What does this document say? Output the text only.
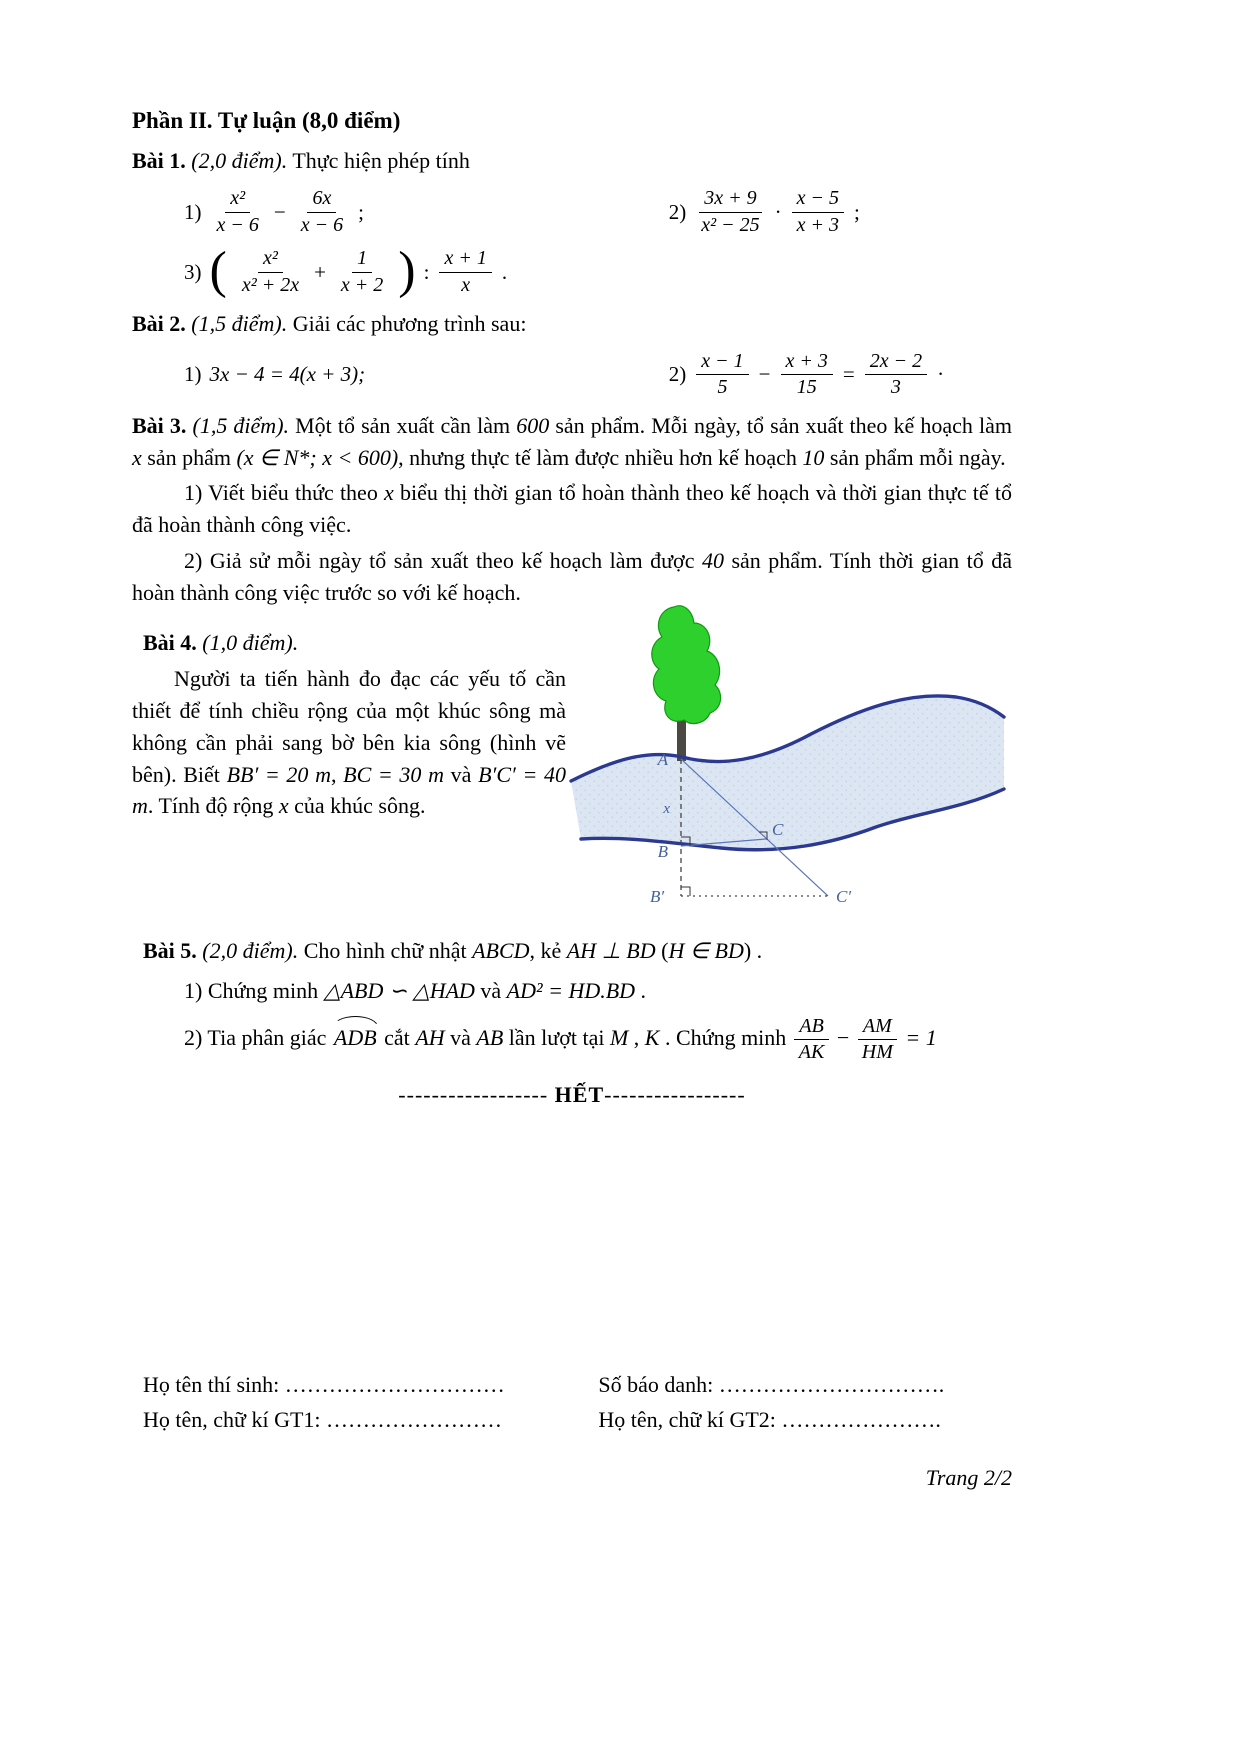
Phần II. Tự luận (8,0 điểm)

Bài 1. (2,0 điểm). Thực hiện phép tính

$1) \frac{\text{x²}}{x - 6} - \frac{6x}{x - 6}$ ;	$2) \frac{3x + 9}{\text{x² − 25}} \cdot \frac{x - 5}{x + 3}$ ;
3) ( $\frac{\text{x²}}{\text{x² + 2x}} + \frac{1}{x + 2}$ ) : $\frac{x + 1}{x}$ .

Bài 2. (1,5 điểm). Giải các phương trình sau:

1) 3x − 4 = 4(x + 3);	$2) \frac{x - 1}{5} - \frac{x + 3}{15} = \frac{2x - 2}{3}$ ·

Bài 3. (1,5 điểm). Một tổ sản xuất cần làm 600 sản phẩm. Mỗi ngày, tổ sản xuất theo kế hoạch làm x sản phẩm (x ∈ N*; x < 600), nhưng thực tế làm được nhiều hơn kế hoạch 10 sản phẩm mỗi ngày.

1) Viết biểu thức theo x biểu thị thời gian tổ hoàn thành theo kế hoạch và thời gian thực tế tổ đã hoàn thành công việc.

2) Giả sử mỗi ngày tổ sản xuất theo kế hoạch làm được 40 sản phẩm. Tính thời gian tổ đã hoàn thành công việc trước so với kế hoạch.

A
x
B
C
B′	C′

Bài 4. (1,0 điểm).

Người ta tiến hành đo đạc các yếu tố cần thiết để tính chiều rộng của một khúc sông mà không cần phải sang bờ bên kia sông (hình vẽ bên). Biết BB′ = 20 m, BC = 30 m và B′C′ = 40 m. Tính độ rộng x của khúc sông.

Bài 5. (2,0 điểm). Cho hình chữ nhật ABCD, kẻ AH ⊥ BD (H ∈ BD) .

1) Chứng minh △ABD ∽ △HAD và AD² = HD.BD .

2) Tia phân giác ADB cắt AH và AB lần lượt tại M , K . Chứng minh $\frac{AB}{AK} - \frac{AM}{HM} = 1$

------------------ HẾT-----------------

Họ tên thí sinh: …………………………	Số báo danh: ………………………….
Họ tên, chữ kí GT1: ……………………	Họ tên, chữ kí GT2: ………………….

Trang 2/2
